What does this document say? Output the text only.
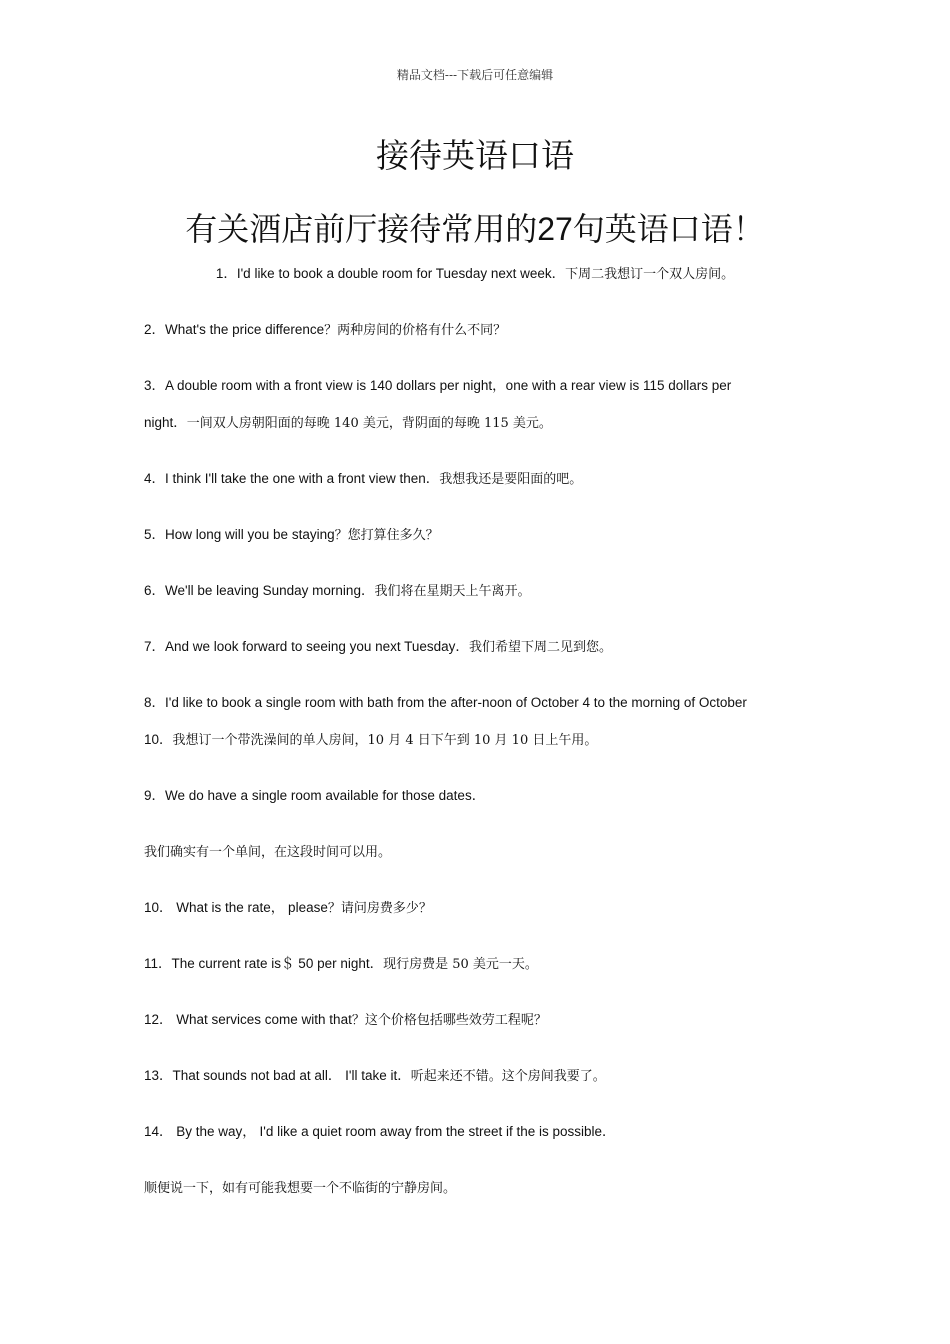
精品文档---下载后可任意编辑
接待英语口语
有关酒店前厅接待常用的27句英语口语！
1．I'd like to book a double room for Tuesday next week．下周二我想订一个双人房间。
2．What's the price difference？两种房间的价格有什么不同？
3．A double room with a front view is 140 dollars per night，one with a rear view is 115 dollars per
night．一间双人房朝阳面的每晚 140 美元，背阴面的每晚 115 美元。
4．I think I'll take the one with a front view then．我想我还是要阳面的吧。
5．How long will you be staying？您打算住多久？
6．We'll be leaving Sunday morning．我们将在星期天上午离开。
7．And we look forward to seeing you next Tuesday．我们希望下周二见到您。
8．I'd like to book a single room with bath from the after-noon of October 4 to the morning of October
10．我想订一个带洗澡间的单人房间，10 月 4 日下午到 10 月 10 日上午用。
9．We do have a single room available for those dates．
我们确实有一个单间，在这段时间可以用。
10． What is the rate， please？请问房费多少？
11．The current rate is＄ 50 per night．现行房费是 50 美元一天。
12． What services come with that？这个价格包括哪些效劳工程呢？
13．That sounds not bad at all． I'll take it．听起来还不错。这个房间我要了。
14． By the way， I'd like a quiet room away from the street if the is possible．
顺便说一下，如有可能我想要一个不临街的宁静房间。
